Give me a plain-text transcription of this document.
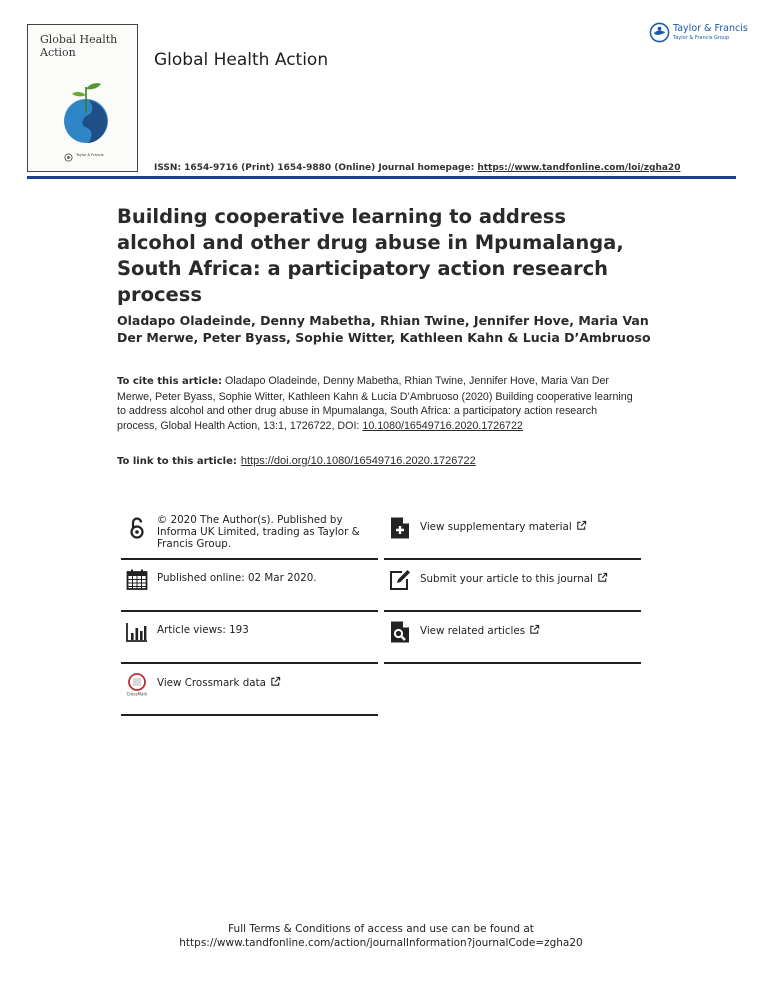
Global Health Action
Taylor & Francis
Global Health Action
Taylor & Francis
Taylor & Francis Group
ISSN: 1654-9716 (Print) 1654-9880 (Online) Journal homepage: https://www.tandfonline.com/loi/zgha20
Building cooperative learning to address alcohol and other drug abuse in Mpumalanga, South Africa: a participatory action research process
Oladapo Oladeinde, Denny Mabetha, Rhian Twine, Jennifer Hove, Maria Van Der Merwe, Peter Byass, Sophie Witter, Kathleen Kahn & Lucia D’Ambruoso
To cite this article: Oladapo Oladeinde, Denny Mabetha, Rhian Twine, Jennifer Hove, Maria Van Der Merwe, Peter Byass, Sophie Witter, Kathleen Kahn & Lucia D’Ambruoso (2020) Building cooperative learning to address alcohol and other drug abuse in Mpumalanga, South Africa: a participatory action research process, Global Health Action, 13:1, 1726722, DOI: 10.1080/16549716.2020.1726722
To link to this article: https://doi.org/10.1080/16549716.2020.1726722
© 2020 The Author(s). Published by Informa UK Limited, trading as Taylor & Francis Group.
Published online: 02 Mar 2020.
Article views: 193
CrossMark
View Crossmark data
View supplementary material
Submit your article to this journal
View related articles
Full Terms & Conditions of access and use can be found at
https://www.tandfonline.com/action/journalInformation?journalCode=zgha20
